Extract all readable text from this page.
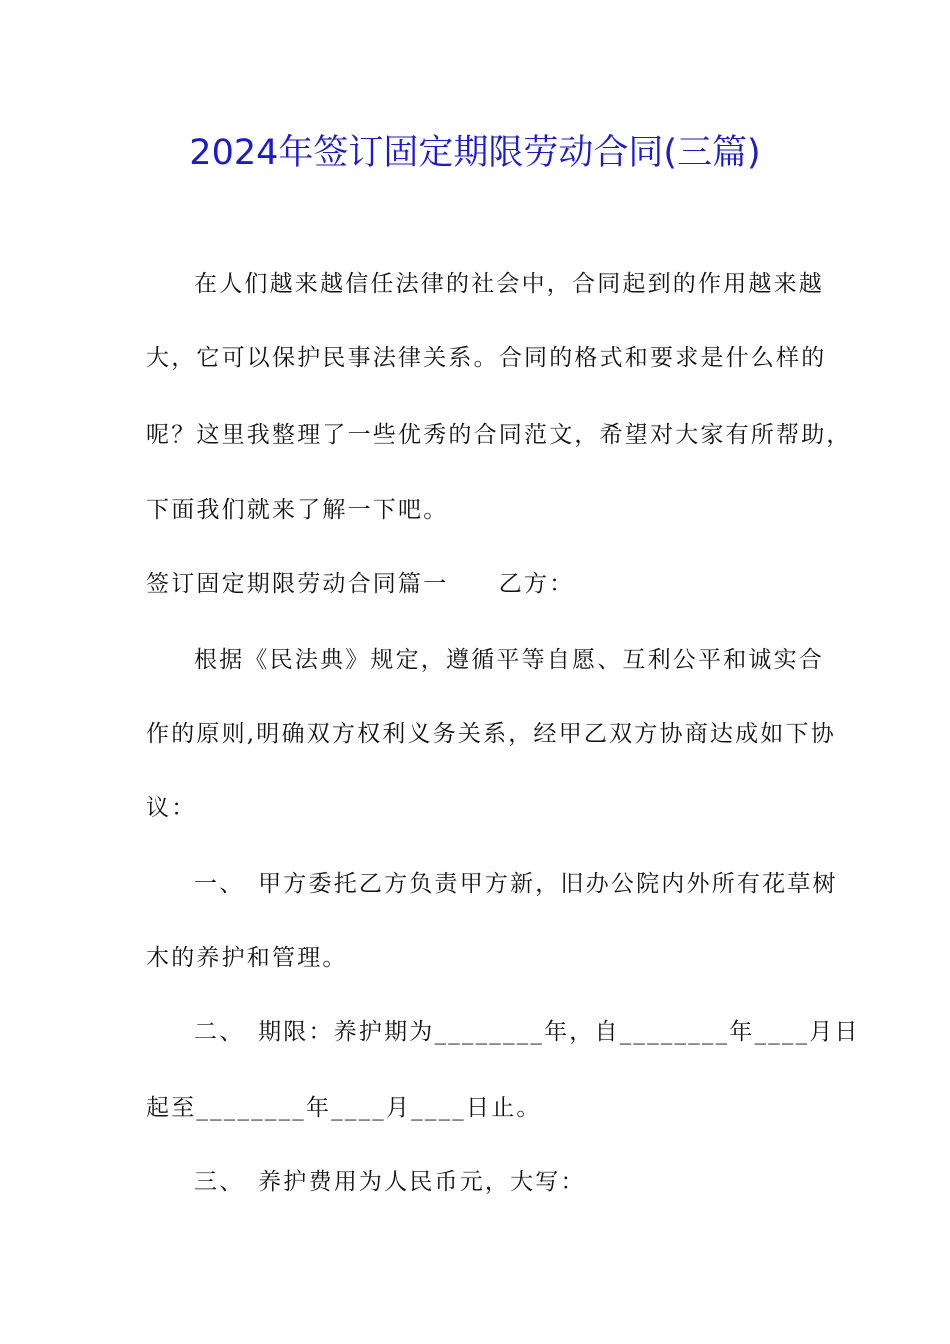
2024年签订固定期限劳动合同(三篇)
在人们越来越信任法律的社会中，合同起到的作用越来越
大，它可以保护民事法律关系。合同的格式和要求是什么样的
呢？这里我整理了一些优秀的合同范文，希望对大家有所帮助，
下面我们就来了解一下吧。
签订固定期限劳动合同篇一　　乙方：
根据《民法典》规定，遵循平等自愿、互利公平和诚实合
作的原则,明确双方权利义务关系，经甲乙双方协商达成如下协
议：
一、　甲方委托乙方负责甲方新，旧办公院内外所有花草树
木的养护和管理。
二、　期限：养护期为________年，自________年____月日
起至________年____月____日止。
三、　养护费用为人民币元，大写：
